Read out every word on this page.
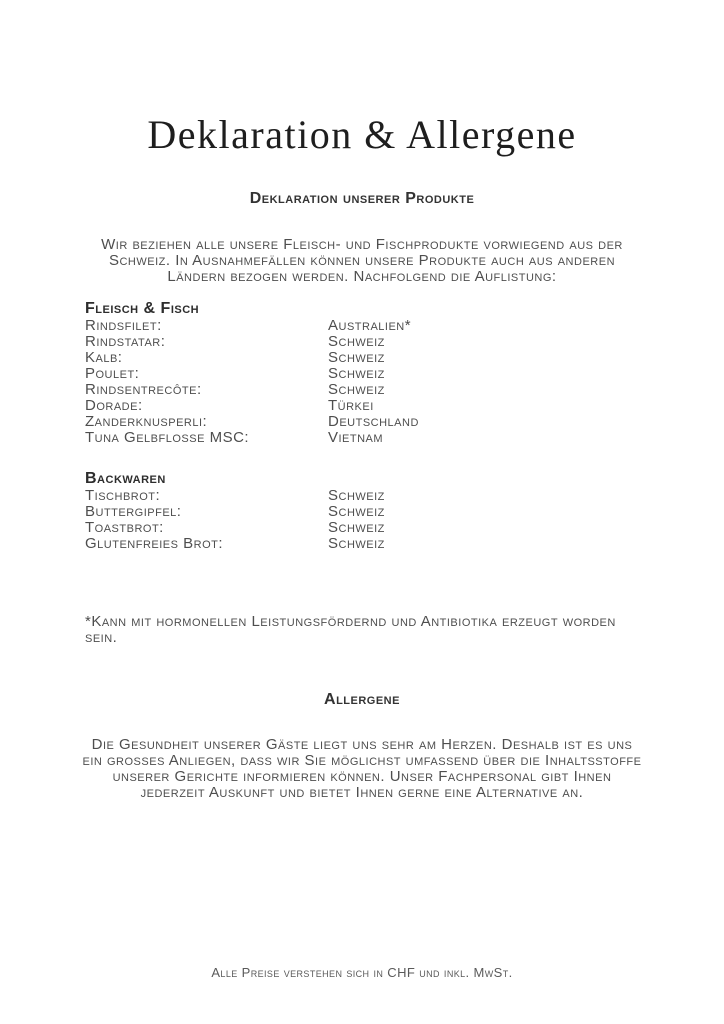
Deklaration & Allergene
Deklaration unserer Produkte

Wir beziehen alle unsere Fleisch- und Fischprodukte vorwiegend aus der Schweiz. In Ausnahmefällen können unsere Produkte auch aus anderen Ländern bezogen werden. Nachfolgend die Auflistung:

Fleisch & Fisch
Rindsfilet:	Australien*
Rindstatar:	Schweiz
Kalb:	Schweiz
Poulet:	Schweiz
Rindsentrecôte:	Schweiz
Dorade:	Türkei
Zanderknusperli:	Deutschland
Tuna Gelbflosse MSC:	Vietnam
Backwaren
Tischbrot:	Schweiz
Buttergipfel:	Schweiz
Toastbrot:	Schweiz
Glutenfreies Brot:	Schweiz

*Kann mit hormonellen Leistungsfördernd und Antibiotika erzeugt worden sein.

Allergene

Die Gesundheit unserer Gäste liegt uns sehr am Herzen. Deshalb ist es uns ein grosses Anliegen, dass wir Sie möglichst umfassend über die Inhaltsstoffe unserer Gerichte informieren können. Unser Fachpersonal gibt Ihnen jederzeit Auskunft und bietet Ihnen gerne eine Alternative an.

Alle Preise verstehen sich in CHF und inkl. MwSt.
